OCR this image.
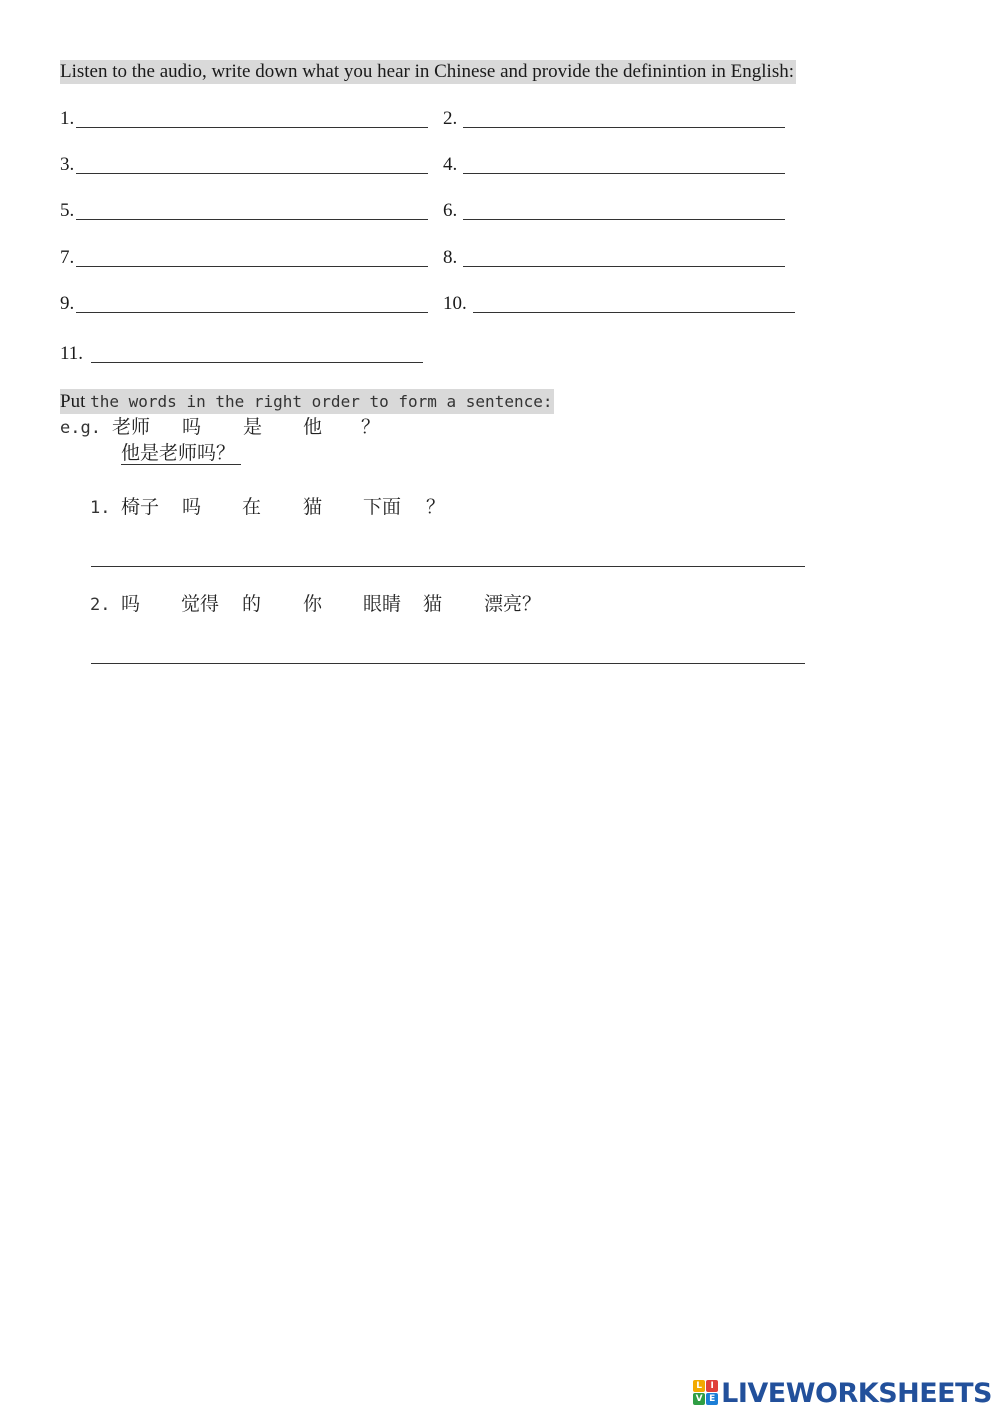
Listen to the audio, write down what you hear in Chinese and provide the definintion in English:
1.	2.
3.	4.
5.	6.
7.	8.
9.	10.
11.
Put the words in the right order to form a sentence:
e.g. 老师 吗 是 他 ？
他是老师吗？
1. 椅子 吗 在 猫 下面 ？
2. 吗 觉得 的 你 眼睛 猫 漂亮？
L I
V E LIVEWORKSHEETS
